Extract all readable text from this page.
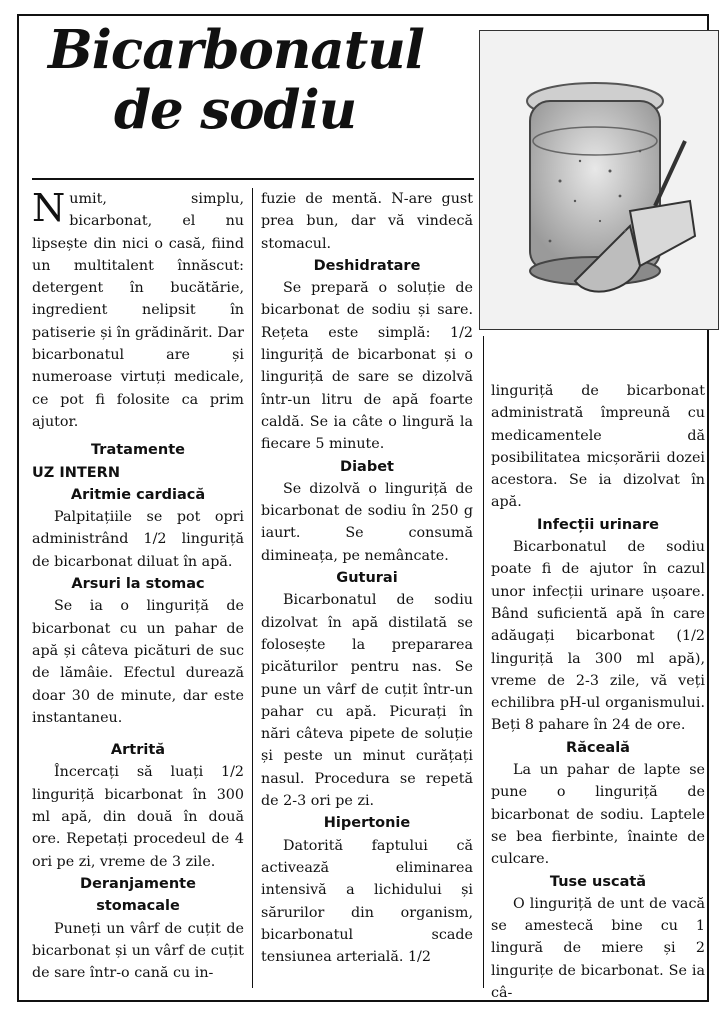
Bicarbonatul
de sodiu

Numit, simplu, bicarbonat, el nu lipsește din nici o casă, fiind un multitalent înnăscut: detergent în bucătărie, ingredient nelipsit în patiserie și în grădinărit. Dar bicarbonatul are și numeroase virtuți medicale, ce pot fi folosite ca prim ajutor.

Tratamente
UZ INTERN
Aritmie cardiacă

Palpitațiile se pot opri administrând 1/2 linguriță de bicarbonat diluat în apă.

Arsuri la stomac

Se ia o linguriță de bicarbonat cu un pahar de apă și câteva picături de suc de lămâie. Efectul durează doar 30 de minute, dar este instantaneu.

Artrită

Încercați să luați 1/2 linguriță bicarbonat în 300 ml apă, din două în două ore. Repetați procedeul de 4 ori pe zi, vreme de 3 zile.

Deranjamente
stomacale

Puneți un vârf de cuțit de bicarbonat și un vârf de cuțit de sare într-o cană cu in-

fuzie de mentă. N-are gust prea bun, dar vă vindecă stomacul.

Deshidratare

Se prepară o soluție de bicarbonat de sodiu și sare. Rețeta este simplă: 1/2 linguriță de bicarbonat și o linguriță de sare se dizolvă într-un litru de apă foarte caldă. Se ia câte o lingură la fiecare 5 minute.

Diabet

Se dizolvă o linguriță de bicarbonat de sodiu în 250 g iaurt. Se consumă dimineața, pe nemâncate.

Guturai

Bicarbonatul de sodiu dizolvat în apă distilată se folosește la prepararea picăturilor pentru nas. Se pune un vârf de cuțit într-un pahar cu apă. Picurați în nări câteva pipete de soluție și peste un minut curățați nasul. Procedura se repetă de 2-3 ori pe zi.

Hipertonie

Datorită faptului că activează eliminarea intensivă a lichidului și sărurilor din organism, bicarbonatul scade tensiunea arterială. 1/2

linguriță de bicarbonat administrată împreună cu medicamentele dă posibilitatea micșorării dozei acestora. Se ia dizolvat în apă.

Infecții urinare

Bicarbonatul de sodiu poate fi de ajutor în cazul unor infecții urinare ușoare. Bând suficientă apă în care adăugați bicarbonat (1/2 linguriță la 300 ml apă), vreme de 2-3 zile, vă veți echilibra pH-ul organismului. Beți 8 pahare în 24 de ore.

Răceală

La un pahar de lapte se pune o linguriță de bicarbonat de sodiu. Laptele se bea fierbinte, înainte de culcare.

Tuse uscată

O linguriță de unt de vacă se amestecă bine cu 1 lingură de miere și 2 lingurițe de bicarbonat. Se ia câ-
